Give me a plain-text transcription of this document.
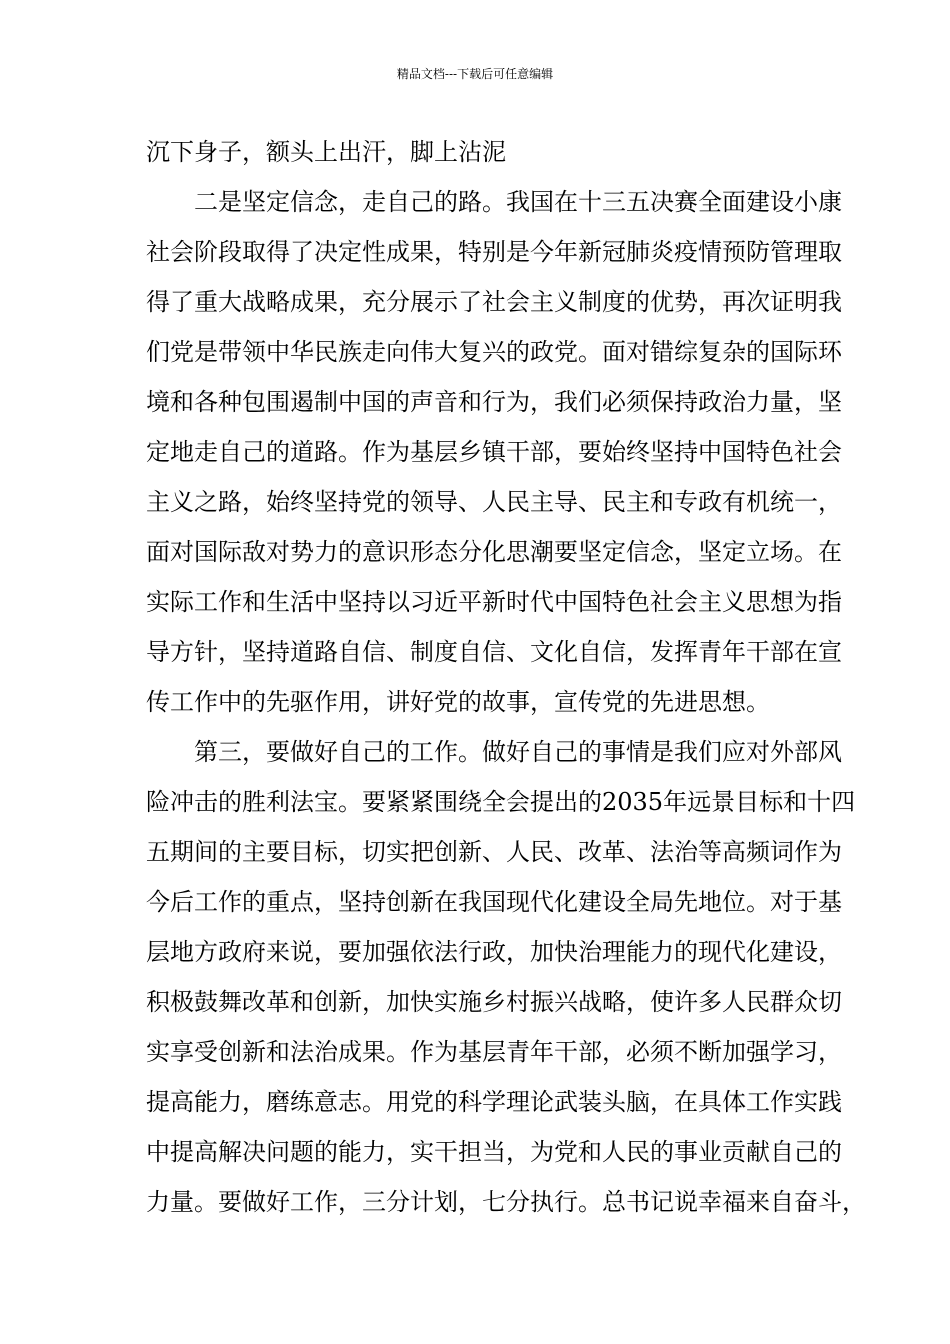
精品文档---下载后可任意编辑
沉下身子，额头上出汗，脚上沾泥
二是坚定信念，走自己的路。我国在十三五决赛全面建设小康
社会阶段取得了决定性成果，特别是今年新冠肺炎疫情预防管理取
得了重大战略成果，充分展示了社会主义制度的优势，再次证明我
们党是带领中华民族走向伟大复兴的政党。面对错综复杂的国际环
境和各种包围遏制中国的声音和行为，我们必须保持政治力量，坚
定地走自己的道路。作为基层乡镇干部，要始终坚持中国特色社会
主义之路，始终坚持党的领导、人民主导、民主和专政有机统一，
面对国际敌对势力的意识形态分化思潮要坚定信念，坚定立场。在
实际工作和生活中坚持以习近平新时代中国特色社会主义思想为指
导方针，坚持道路自信、制度自信、文化自信，发挥青年干部在宣
传工作中的先驱作用，讲好党的故事，宣传党的先进思想。
第三，要做好自己的工作。做好自己的事情是我们应对外部风
险冲击的胜利法宝。要紧紧围绕全会提出的2035年远景目标和十四
五期间的主要目标，切实把创新、人民、改革、法治等高频词作为
今后工作的重点，坚持创新在我国现代化建设全局先地位。对于基
层地方政府来说，要加强依法行政，加快治理能力的现代化建设，
积极鼓舞改革和创新，加快实施乡村振兴战略，使许多人民群众切
实享受创新和法治成果。作为基层青年干部，必须不断加强学习，
提高能力，磨练意志。用党的科学理论武装头脑，在具体工作实践
中提高解决问题的能力，实干担当，为党和人民的事业贡献自己的
力量。要做好工作，三分计划，七分执行。总书记说幸福来自奋斗，
